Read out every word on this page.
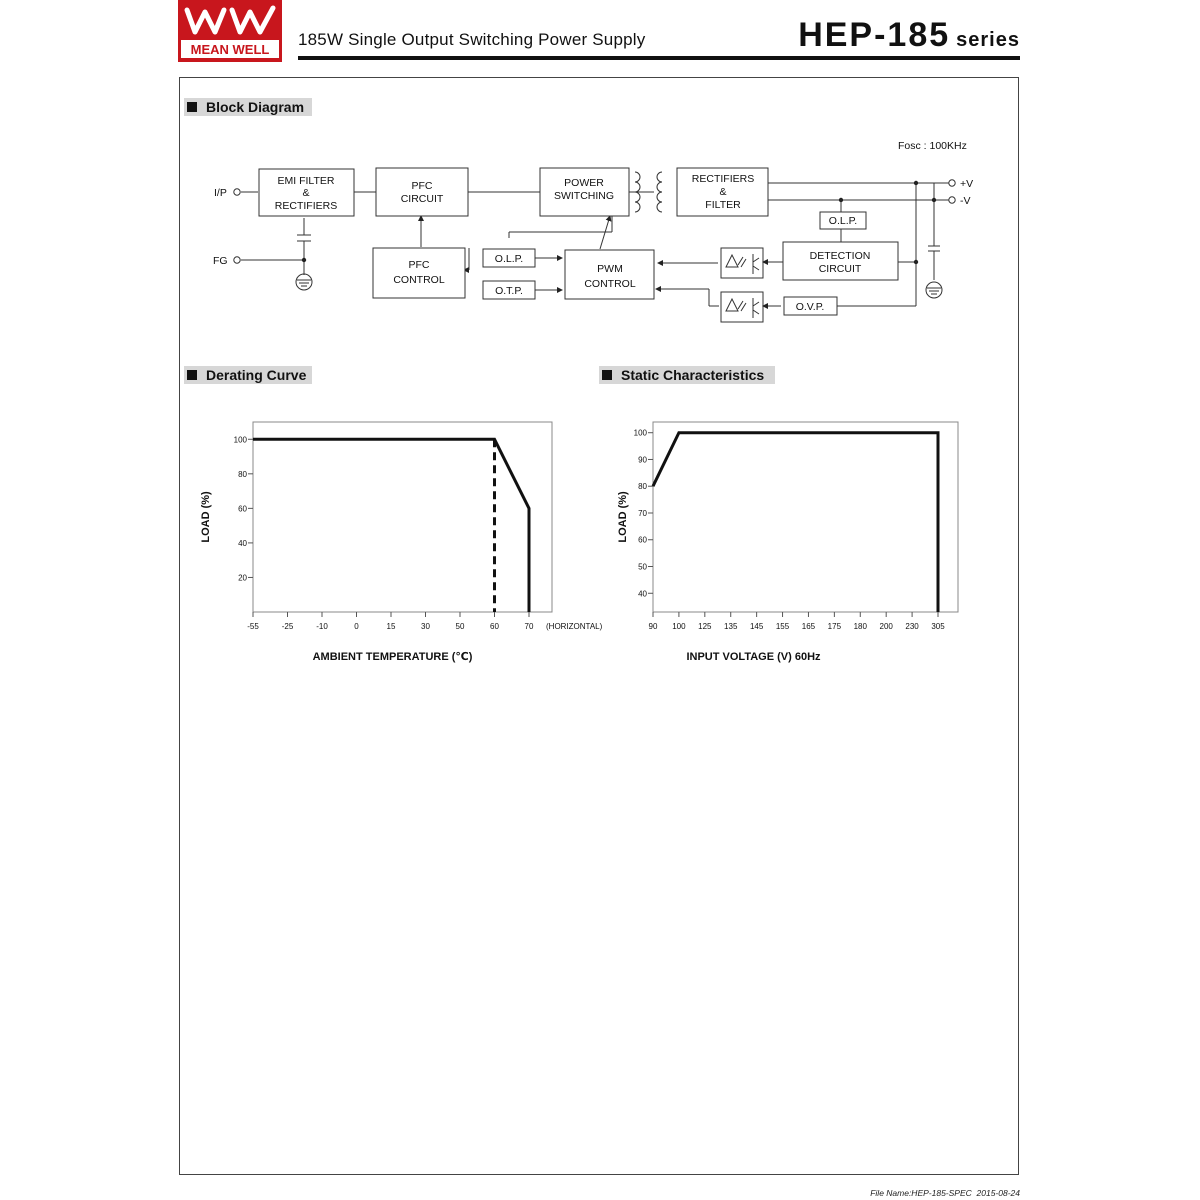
MEAN WELL
185W Single Output Switching Power Supply	HEP-185 series
Block Diagram
Derating Curve	Static Characteristics
EMI FILTER
&
RECTIFIERS
PFC
CIRCUIT
POWER
SWITCHING
RECTIFIERS
&
FILTER
PFC
CONTROL
PWM
CONTROL
DETECTION
CIRCUIT
O.L.P.
O.T.P.
O.L.P.
O.V.P.
Fosc : 100KHz
I/P
FG
+V
-V
-55	-25	-10	0	15	30	50	60	70
20
40
60
80
100
AMBIENT TEMPERATURE (℃)
LOAD (%)
(HORIZONTAL)	90 100 125 135 145 155 165 175 180 200 230 305
40
50
60
70
80
90
100
INPUT VOLTAGE (V) 60Hz
LOAD (%)
File Name:HEP-185-SPEC 2015-08-24
